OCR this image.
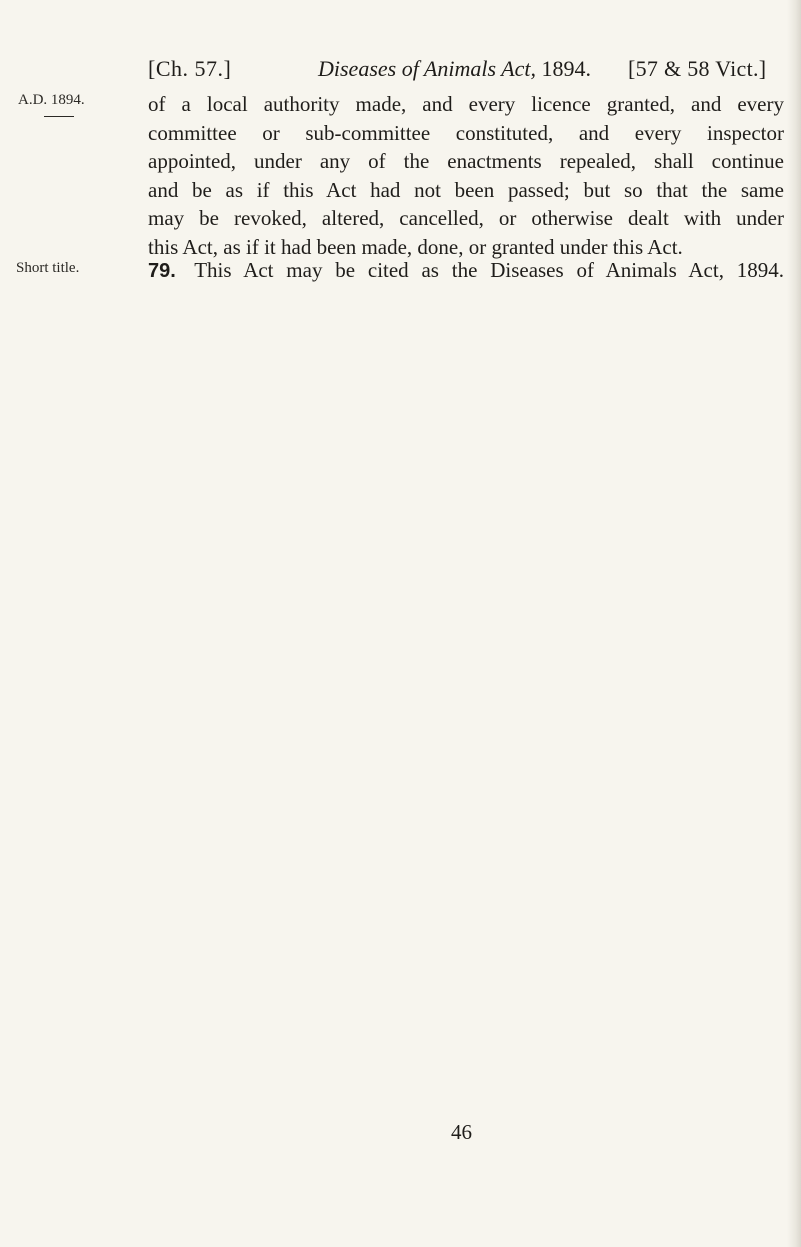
[Ch. 57.]	Diseases of Animals Act, 1894. [57 & 58 Vict.]
A.D. 1894.	of a local authority made, and every licence granted, and every
committee or sub-committee constituted, and every inspector
appointed, under any of the enactments repealed, shall continue
and be as if this Act had not been passed; but so that the same
may be revoked, altered, cancelled, or otherwise dealt with under
this Act, as if it had been made, done, or granted under this Act.
Short title.	79. This Act may be cited as the Diseases of Animals Act, 1894.
46
